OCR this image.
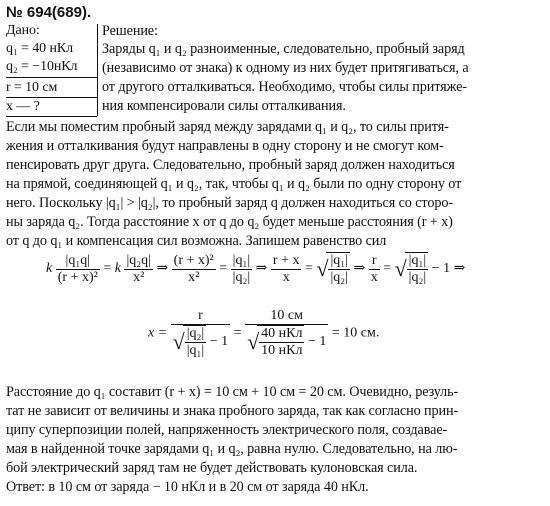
№ 694(689).
Дано:
q₁ = 40 нКл
q₂ = −10нКл
r = 10 см
x — ?
Решение:
Заряды q₁ и q₂ разноименные, следовательно, пробный заряд
(независимо от знака) к одному из них будет притягиваться, а
от другого отталкиваться. Необходимо, чтобы силы притяже-
ния компенсировали силы отталкивания.
Если мы поместим пробный заряд между зарядами q₁ и q₂, то силы притя-
жения и отталкивания будут направлены в одну сторону и не смогут ком-
пенсировать друг друга. Следовательно, пробный заряд должен находиться
на прямой, соединяющей q₁ и q₂, так, чтобы q₁ и q₂ были по одну сторону от
него. Поскольку |q₁| > |q₂|, то пробный заряд q должен находиться со сторо-
ны заряда q₂. Тогда расстояние x от q до q₂ будет меньше расстояния (r + x)
от q до q₁ и компенсация сил возможна. Запишем равенство сил
k $\frac{\text{|q₁q|}}{\text{(r + x)²}} = k \frac{\text{|q₂q|}}{\text{x²}}$ ⇒ $\frac{\text{(r + x)²}}{\text{x²}} = \frac{\text{|q₁|}}{\text{|q₂|}}$ ⇒ $\frac{r + x}{x}$ = √ $\frac{\text{|q₁|}}{\text{|q₂|}}$ ⇒ $\frac{r}{x}$ = √ $\frac{\text{|q₁|}}{\text{|q₂|}} - 1$ ⇒
$x = \frac{r}{√ \frac{\text{|q₂|}}{\text{|q₁|}} - 1} = \frac{10 см}{√ \frac{\text{40 нКл}}{\text{10 нКл}} - 1} = 10$ см.
Расстояние до q₁ составит (r + x) = 10 см + 10 см = 20 см. Очевидно, резуль-
тат не зависит от величины и знака пробного заряда, так как согласно прин-
ципу суперпозиции полей, напряженность электрического поля, создавае-
мая в найденной точке зарядами q₁ и q₂, равна нулю. Следовательно, на лю-
бой электрический заряд там не будет действовать кулоновская сила.
Ответ: в 10 см от заряда − 10 нКл и в 20 см от заряда 40 нКл.
